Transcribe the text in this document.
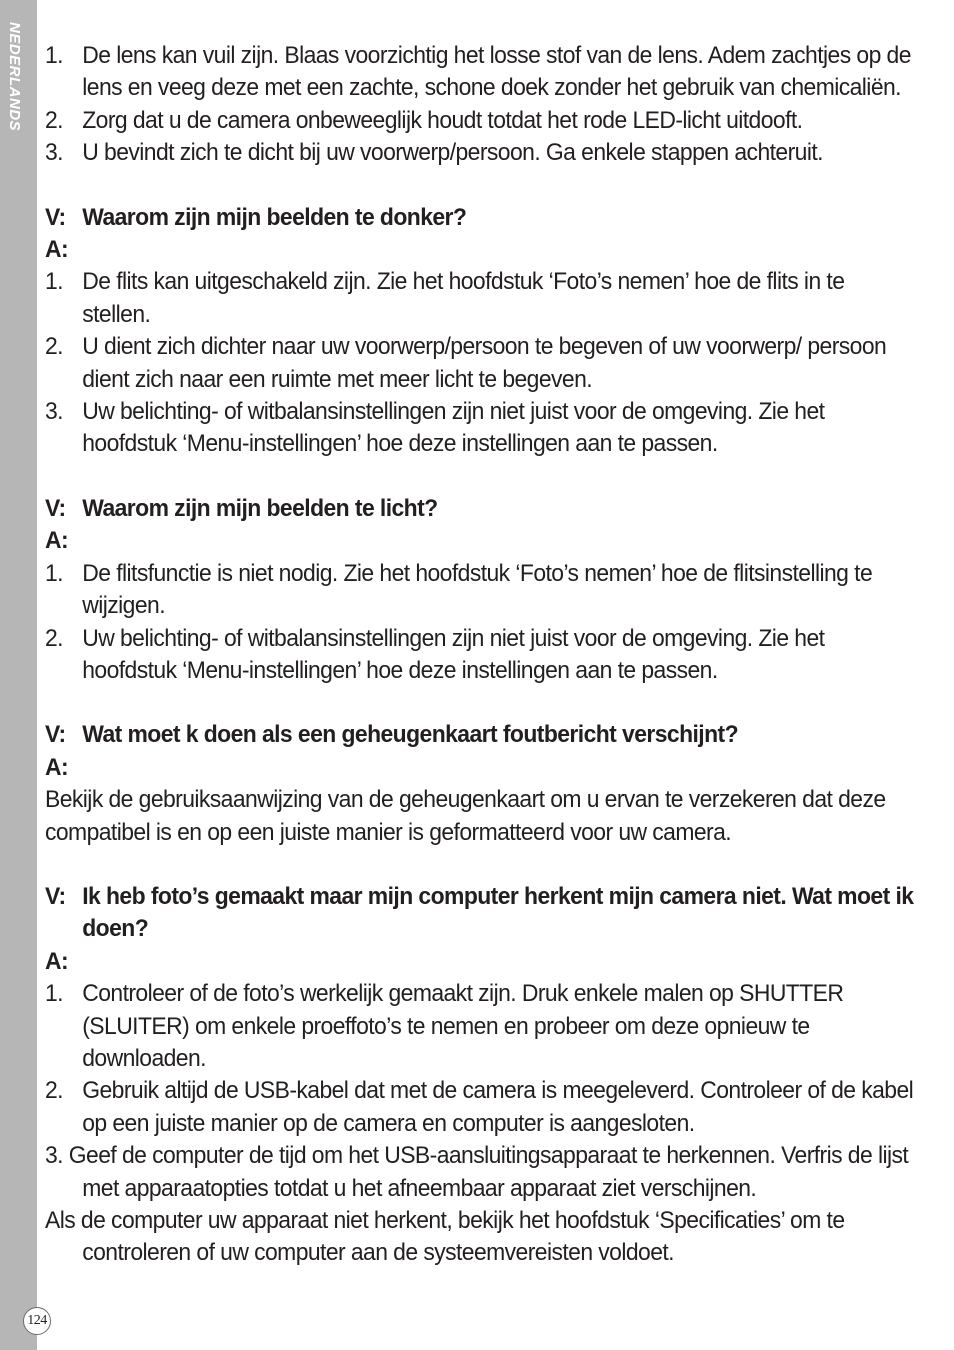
NEDERLANDS
124
1. De lens kan vuil zijn. Blaas voorzichtig het losse stof van de lens. Adem zachtjes op de lens en veeg deze met een zachte, schone doek zonder het gebruik van chemicaliën.
2. Zorg dat u de camera onbeweeglijk houdt totdat het rode LED-licht uitdooft.
3. U bevindt zich te dicht bij uw voorwerp/persoon. Ga enkele stappen achteruit.
V: Waarom zijn mijn beelden te donker?
A:
1. De flits kan uitgeschakeld zijn. Zie het hoofdstuk ‘Foto’s nemen’ hoe de flits in te stellen.
2. U dient zich dichter naar uw voorwerp/persoon te begeven of uw voorwerp/ persoon dient zich naar een ruimte met meer licht te begeven.
3. Uw belichting- of witbalansinstellingen zijn niet juist voor de omgeving. Zie het hoofdstuk ‘Menu-instellingen’ hoe deze instellingen aan te passen.
V: Waarom zijn mijn beelden te licht?
A:
1. De flitsfunctie is niet nodig. Zie het hoofdstuk ‘Foto’s nemen’ hoe de flitsinstelling te wijzigen.
2. Uw belichting- of witbalansinstellingen zijn niet juist voor de omgeving. Zie het hoofdstuk ‘Menu-instellingen’ hoe deze instellingen aan te passen.
V: Wat moet k doen als een geheugenkaart foutbericht verschijnt?
A:
Bekijk de gebruiksaanwijzing van de geheugenkaart om u ervan te verzekeren dat deze compatibel is en op een juiste manier is geformatteerd voor uw camera.
V: Ik heb foto’s gemaakt maar mijn computer herkent mijn camera niet. Wat moet ik doen?
A:
1. Controleer of de foto’s werkelijk gemaakt zijn. Druk enkele malen op SHUTTER (SLUITER) om enkele proeffoto’s te nemen en probeer om deze opnieuw te downloaden.
2. Gebruik altijd de USB-kabel dat met de camera is meegeleverd. Controleer of de kabel op een juiste manier op de camera en computer is aangesloten.
3. Geef de computer de tijd om het USB-aansluitingsapparaat te herkennen. Verfris de lijst met apparaatopties totdat u het afneembaar apparaat ziet verschijnen.
Als de computer uw apparaat niet herkent, bekijk het hoofdstuk ‘Specificaties’ om te controleren of uw computer aan de systeemvereisten voldoet.
